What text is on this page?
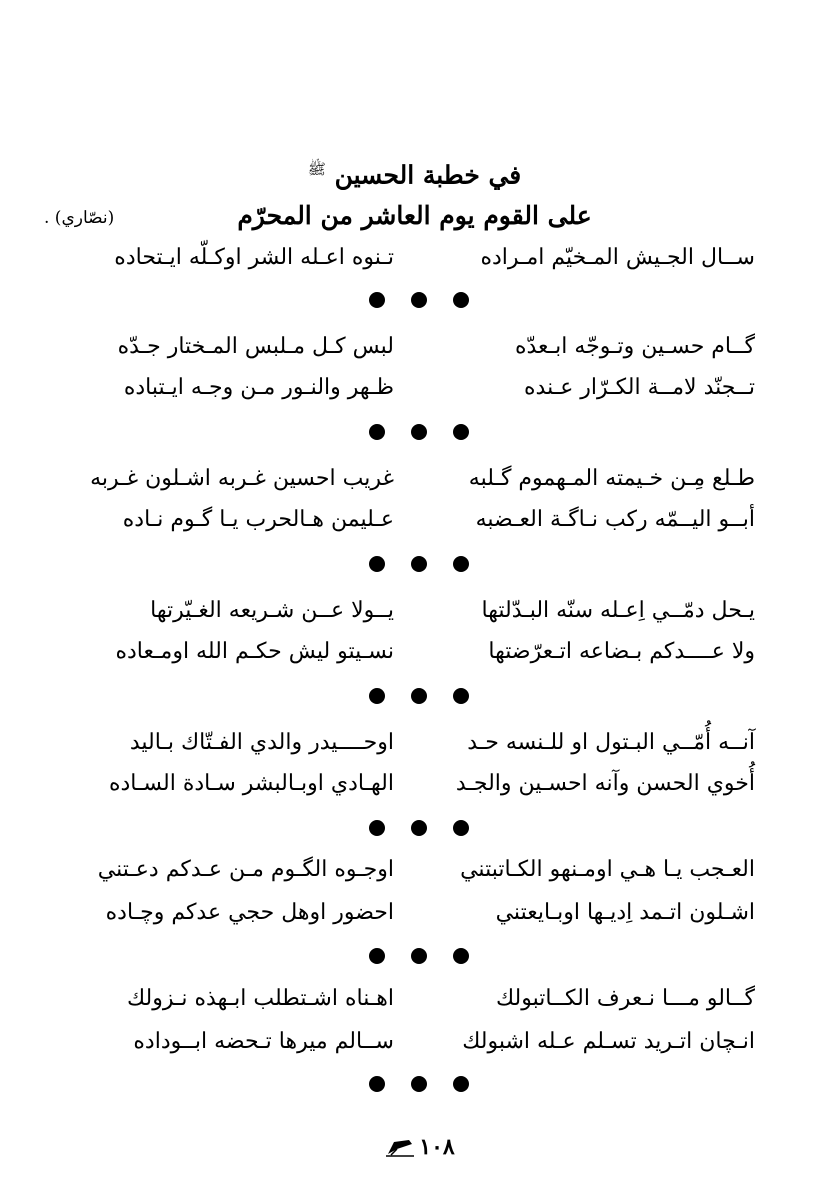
في خطبة الحسين $^ﷺ$
على القوم يوم العاشر من المحرّم
(نصّاري) .
ســال الجـيش المـخيّم امـراده
تـنوه اعـله الشر اوكـلّه ايـتحاده
گــام حسـين وتـوجّه ابـعدّه
لبس كـل مـلبس المـختار جـدّه
تــجنّد لامــة الكـرّار عـنده
ظـهر والنـور مـن وجـه ايـتباده
طـلع مِـن خـيمته المـهموم گـلبه
غريب احسين غـربه اشـلون غـربه
أبــو اليــمّه ركب نـاگـة العـضبه
عـليمن هـالحرب يـا گـوم نـاده
يـحل دمّــي اِعـله سنّه البـدّلتها
يــولا عــن شـريعه الغـيّرتها
ولا عــــدكم بـضاعه اتـعرّضتها
نسـيتو ليش حكـم الله اومـعاده
آنــه أُمّــي البـتول او للـنسه حـد
اوحــــيدر والدي الفـتّاك بـاليد
أُخوي الحسن وآنه احسـين والجـد
الهـادي اوبـالبشر سـادة السـاده
العـجب يـا هـي اومـنهو الكـاتبتني
اوجـوه الگـوم مـن عـدكم دعـتني
اشـلون اتـمد اِديـها اوبـايعتني
احضور اوهل حجي عدكم وچـاده
گــالو مـــا نـعرف الكــاتبولك
اهـناه اشـتطلب ابـهذه نـزولك
انـچان اتـريد تسـلم عـله اشبولك
ســالم ميرها تـحضه ابــوداده
١٠٨
